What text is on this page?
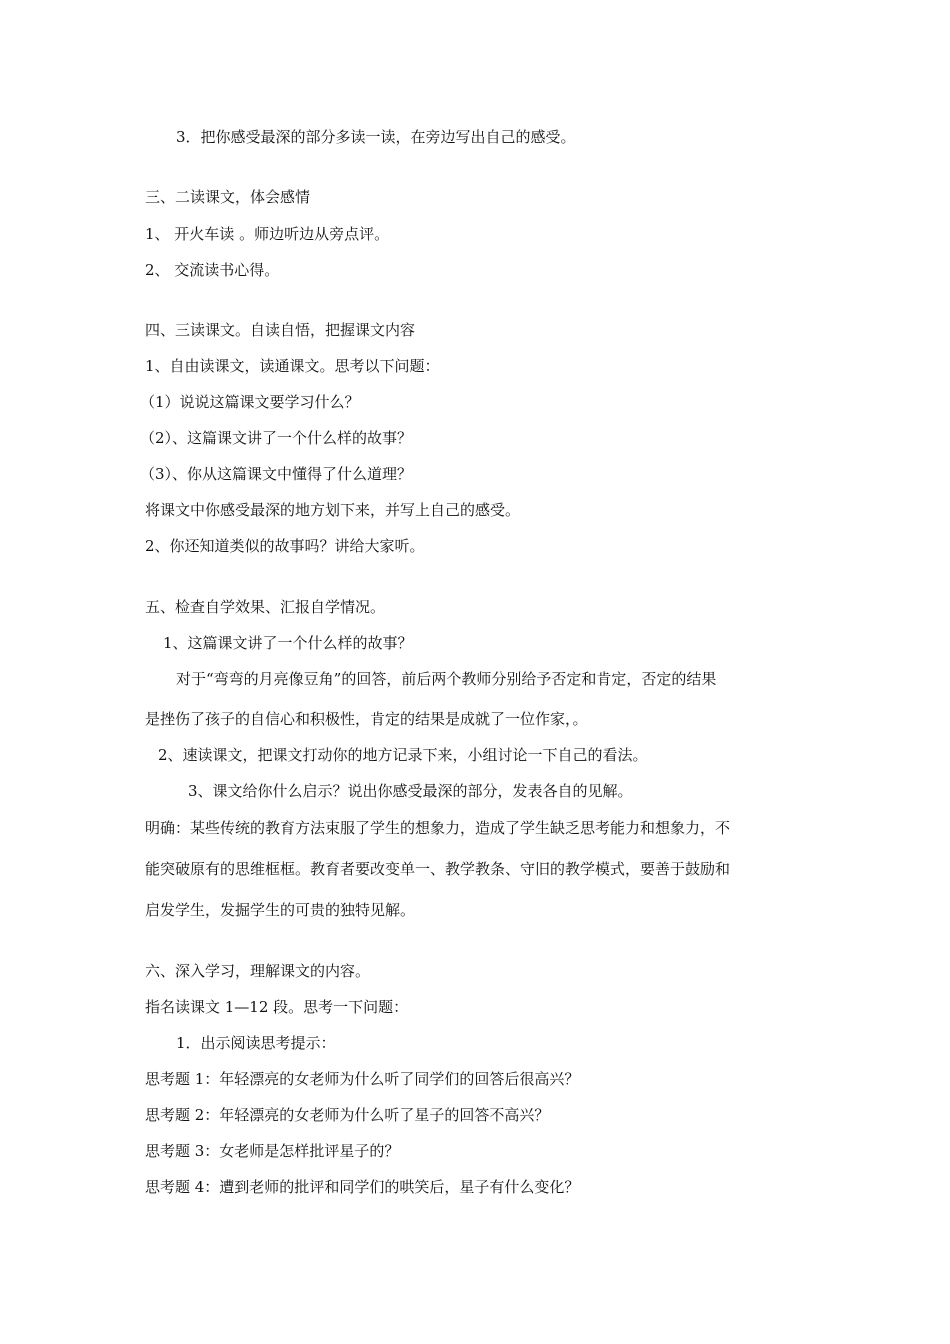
3．把你感受最深的部分多读一读，在旁边写出自己的感受。

三、二读课文，体会感情

1、 开火车读 。师边听边从旁点评。

2、 交流读书心得。

四、三读课文。自读自悟，把握课文内容

1、自由读课文，读通课文。思考以下问题：

（1）说说这篇课文要学习什么？

（2）、这篇课文讲了一个什么样的故事？

（3）、你从这篇课文中懂得了什么道理？

将课文中你感受最深的地方划下来，并写上自己的感受。

2、你还知道类似的故事吗？讲给大家听。

五、检查自学效果、汇报自学情况。

1、这篇课文讲了一个什么样的故事？

对于“弯弯的月亮像豆角”的回答，前后两个教师分别给予否定和肯定，否定的结果

是挫伤了孩子的自信心和积极性，肯定的结果是成就了一位作家，。

2、速读课文，把课文打动你的地方记录下来，小组讨论一下自己的看法。

3、课文给你什么启示？说出你感受最深的部分，发表各自的见解。

明确：某些传统的教育方法束服了学生的想象力，造成了学生缺乏思考能力和想象力，不

能突破原有的思维框框。教育者要改变单一、教学教条、守旧的教学模式，要善于鼓励和

启发学生，发掘学生的可贵的独特见解。

六、深入学习，理解课文的内容。

指名读课文 1—12 段。思考一下问题：

1．出示阅读思考提示：

思考题 1：年轻漂亮的女老师为什么听了同学们的回答后很高兴？

思考题 2：年轻漂亮的女老师为什么听了星子的回答不高兴？

思考题 3：女老师是怎样批评星子的？

思考题 4：遭到老师的批评和同学们的哄笑后，星子有什么变化？
